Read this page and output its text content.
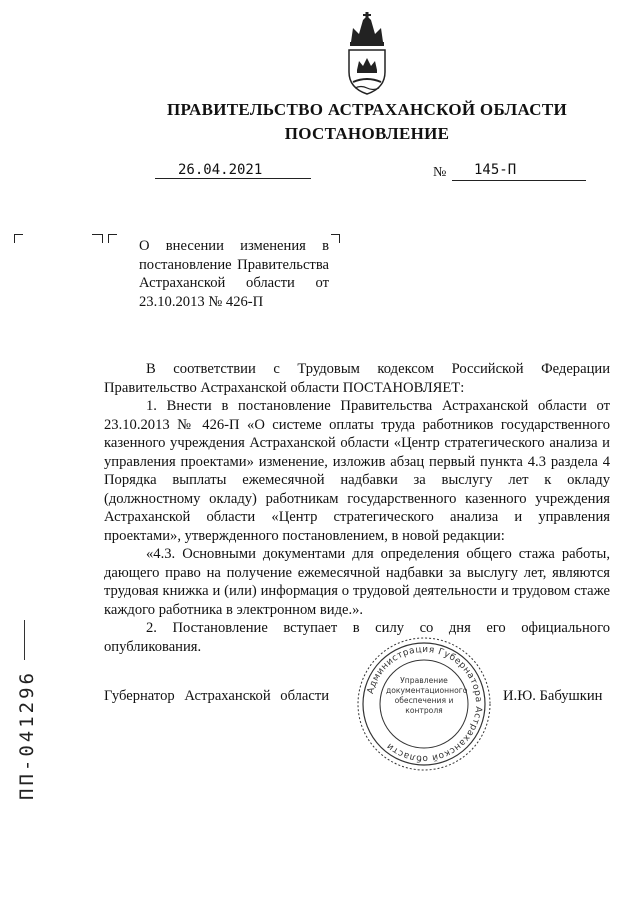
ПРАВИТЕЛЬСТВО АСТРАХАНСКОЙ ОБЛАСТИ
ПОСТАНОВЛЕНИЕ
26.04.2021	№ 145-П
О внесении изменения в постановление Правительства Астраханской области от 23.10.2013 № 426-П

В соответствии с Трудовым кодексом Российской Федерации Правительство Астраханской области ПОСТАНОВЛЯЕТ:

1. Внести в постановление Правительства Астраханской области от 23.10.2013 № 426-П «О системе оплаты труда работников государственного казенного учреждения Астраханской области «Центр стратегического анализа и управления проектами» изменение, изложив абзац первый пункта 4.3 раздела 4 Порядка выплаты ежемесячной надбавки за выслугу лет к окладу (должностному окладу) работникам государственного казенного учреждения Астраханской области «Центр стратегического анализа и управления проектами», утвержденного постановлением, в новой редакции:

«4.3. Основными документами для определения общего стажа работы, дающего право на получение ежемесячной надбавки за выслугу лет, являются трудовая книжка и (или) информация о трудовой деятельности и трудовом стаже каждого работника в электронном виде.».

2. Постановление вступает в силу со дня его официального опубликования.

Губернатор Астраханской области	И.Ю. Бабушкин
Администрация Губернатора Астраханской области
Управление документационного обеспечения и контроля
ПП-041296
